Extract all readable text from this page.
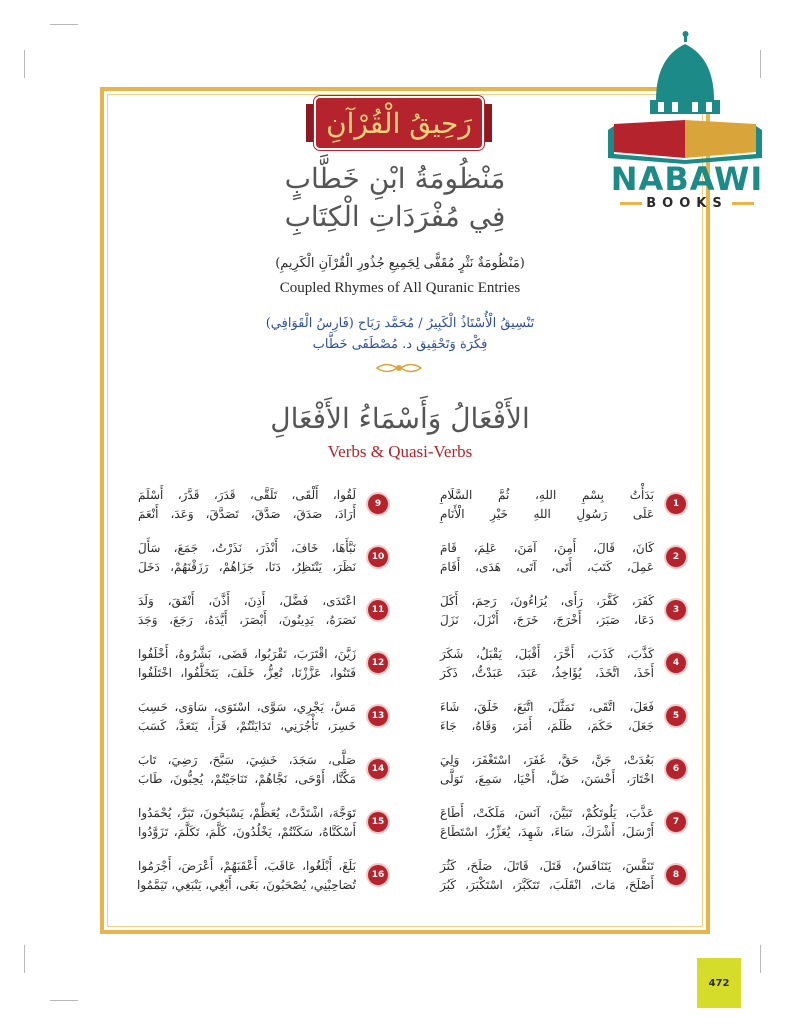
رَحِيقُ الْقُرْآنِ
NABAWI
BOOKS
مَنْظُومَةُ ابْنِ خَطَّابٍ
فِي مُفْرَدَاتِ الْكِتَابِ
(مَنْظُومَةٌ نَثْرٍ مُقَفًّى لِجَمِيعِ جُذُورِ الْقُرْآنِ الْكَرِيمِ)
Coupled Rhymes of All Quranic Entries
تَنْسِيقُ الْأُسْتَاذُ الْكَبِيرُ / مُحَمَّد رَبَاح (فَارِسُ الْقَوَافِي)
فِكْرَة وَتَحْقِيق د. مُصْطَفَى خَطَّاب
الأَفْعَالُ وَأَسْمَاءُ الأَفْعَالِ
Verbs & Quasi-Verbs
1
بَدَأْتُ بِسْمِ اللهِ، ثُمَّ السَّلَامِ
عَلَى رَسُولِ اللهِ خَيْرِ الْأَنَامِ
2
كَانَ، قَالَ، أَمِنَ، آمَنَ، عَلِمَ، قَامَ
عَمِلَ، كَتَبَ، أَتَى، آتَى، هَدَى، أَقَامَ
3
كَفَرَ، كَفَّرَ، رَأَى، يُرَاءُونَ، رَحِمَ، أَكَلَ
دَعَا، صَبَرَ، أَخْرَجَ، خَرَجَ، أَنْزَلَ، نَزَلَ
4
كَذَّبَ، كَذَبَ، أَخَّرَ، أَقْبَلَ، يَقْبَلُ، شَكَرَ
أَخَذَ، اتَّخَذَ، يُؤَاخِذُ، عَبَدَ، عَبَدْتُّ، ذَكَرَ
5
فَعَلَ، اتَّقَى، تَمَثَّلَ، اتَّبَعَ، خَلَقَ، شَاءَ
جَعَلَ، حَكَمَ، ظَلَمَ، أَمَرَ، وَقَاهُ، جَاءَ
6
بَعُدَتْ، جَنَّ، حَقَّ، غَفَرَ، اسْتَغْفَرَ، وَلِيَ
اخْتَارَ، أَحْسَنَ، ضَلَّ، أَحْيَا، سَمِعَ، تَوَلَّى
7
عَذَّبَ، يَلُوتَكُمْ، تَبَيَّنَ، آنَسَ، مَلَكَتْ، أَطَاعَ
أَرْسَلَ، أَشْرَكَ، سَاءَ، شَهِدَ، يُعَزِّرُ، اسْتَطَاعَ
8
تَنَفَّسَ، يَتَنَافَسُ، قَتَلَ، قَاتَلَ، صَلَحَ، كَثُرَ
أَصْلَحَ، مَاتَ، انْقَلَبَ، تَتَكَبَّرَ، اسْتَكْبَرَ، كَبُرَ
9
لَقُوا، أَلْقَى، تَلَقَّى، قَدَرَ، قَدَّرَ، أَسْلَمَ
أَرَادَ، صَدَقَ، صَدَّقَ، تَصَدَّقَ، وَعَدَ، أَنْعَمَ
10
نَبَّأَهَا، خَافَ، أَنْذَرَ، نَذَرْتُ، جَمَعَ، سَأَلَ
نَظَرَ، يَنْتَظِرُ، دَنَا، جَزَاهُمْ، رَزَقْنَهُمْ، دَخَلَ
11
اعْتَدَى، فَضَّلَ، أَذِنَ، أَذَّنَ، أَنْفَقَ، وَلَدَ
نَصَرَهُ، يَدِينُونَ، أَبْصَرَ، أَيَّدَهُ، رَجَعَ، وَجَدَ
12
زَيَّنَ، اقْتَرَبَ، تَقْرَبُوا، قَضَى، بَشَّرُوهُ، أَخْلَفُوا
فَتَنُوا، عَزَّزْنَا، تُعِزُّ، خَلَفَ، يَتَخَلَّفُوا، اخْتَلَفُوا
13
مَسَّ، يَجْرِي، سَوَّى، اسْتَوَى، سَاوَى، حَسِبَ
خَسِرَ، تَأْجُرَنِي، تَدَايَنْتُمْ، قَرَأَ، يَتَعَدَّ، كَسَبَ
14
صَلَّى، سَجَدَ، خَشِيَ، سَبَّحَ، رَضِيَ، تَابَ
مَكَّنَّا، أَوْحَى، نَجَّاهُمْ، تَنَاجَيْتُمْ، يُحِبُّونَ، طَابَ
15
تَوَجَّهَ، اشْتَدَّتْ، يُعَظِّمْ، يَسْبَحُونَ، تَبَرَّ، يُحْمَدُوا
أَسْكَنَّاهُ، سَكَنْتُمْ، يَخْلُدُونَ، كَلَّمَ، تَكَلَّمَ، تَزَوَّدُوا
16
بَلَغَ، أَبْلَغُوا، عَاقَبَ، أَعْقَبَهُمْ، أَعْرَضَ، أَجْرَمُوا
تُصَاحِبْنِي، يُصْحَبُونَ، بَغَى، أَبْغِي، يَنْبَغِي، تَيَمَّمُوا
472
